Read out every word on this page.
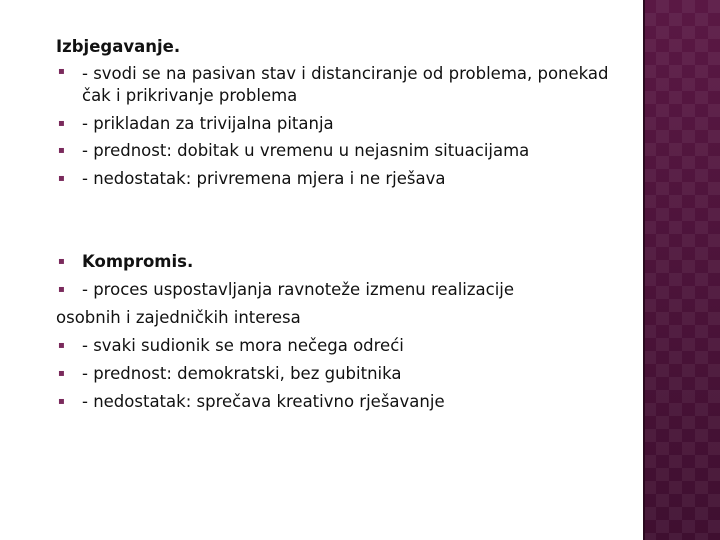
Izbjegavanje.

▪ - svodi se na pasivan stav i distanciranje od problema, ponekad čak i prikrivanje problema

▪ - prikladan za trivijalna pitanja

▪ - prednost: dobitak u vremenu u nejasnim situacijama

▪ - nedostatak: privremena mjera i ne rješava

▪ Kompromis.
▪ - proces uspostavljanja ravnoteže izmenu realizacije
osobnih i zajedničkih interesa
▪ - svaki sudionik se mora nečega odreći
▪ - prednost: demokratski, bez gubitnika
▪ - nedostatak: sprečava kreativno rješavanje
